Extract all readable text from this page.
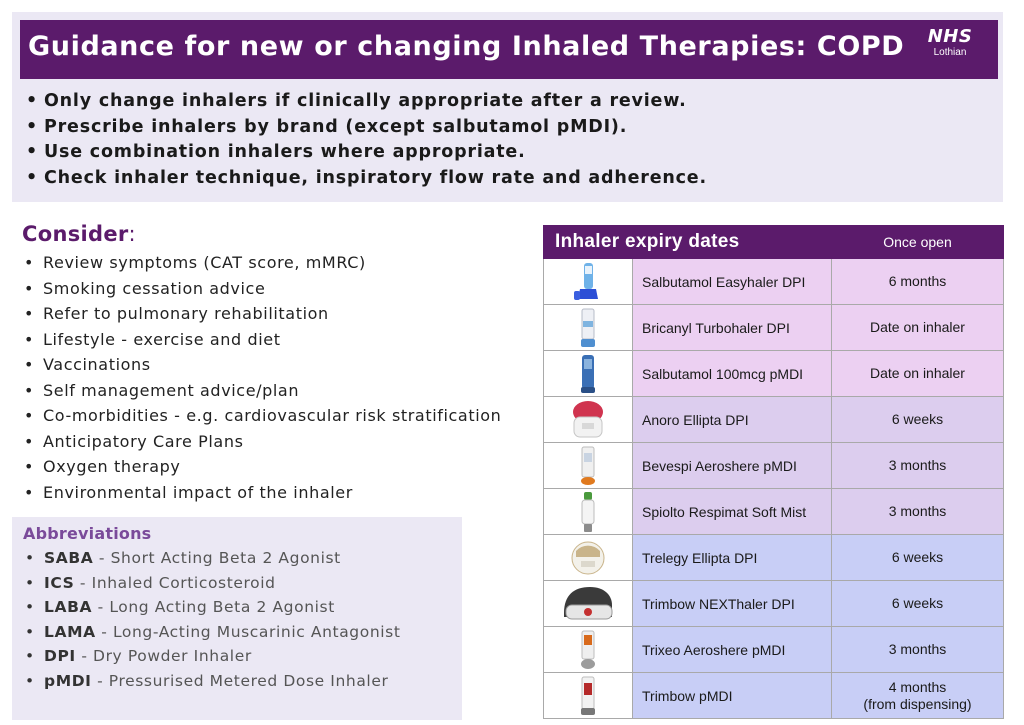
Guidance for new or changing Inhaled Therapies: COPD	NHS
Lothian
• Only change inhalers if clinically appropriate after a review.
• Prescribe inhalers by brand (except salbutamol pMDI).
• Use combination inhalers where appropriate.
• Check inhaler technique, inspiratory flow rate and adherence.
Consider:
• Review symptoms (CAT score, mMRC)
• Smoking cessation advice
• Refer to pulmonary rehabilitation
• Lifestyle - exercise and diet
• Vaccinations
• Self management advice/plan
• Co-morbidities - e.g. cardiovascular risk stratification
• Anticipatory Care Plans
• Oxygen therapy
• Environmental impact of the inhaler
Abbreviations
• SABA - Short Acting Beta 2 Agonist
• ICS - Inhaled Corticosteroid
• LABA - Long Acting Beta 2 Agonist
• LAMA - Long-Acting Muscarinic Antagonist
• DPI - Dry Powder Inhaler
• pMDI - Pressurised Metered Dose Inhaler
Inhaler expiry dates		Once open

	Salbutamol Easyhaler DPI	6 months

	Bricanyl Turbohaler DPI	Date on inhaler

	Salbutamol 100mcg pMDI	Date on inhaler

	Anoro Ellipta DPI	6 weeks

	Bevespi Aeroshere pMDI	3 months

	Spiolto Respimat Soft Mist	3 months

	Trelegy Ellipta DPI	6 weeks

	Trimbow NEXThaler DPI	6 weeks

	Trixeo Aeroshere pMDI	3 months

	Trimbow pMDI	4 months
(from dispensing)
